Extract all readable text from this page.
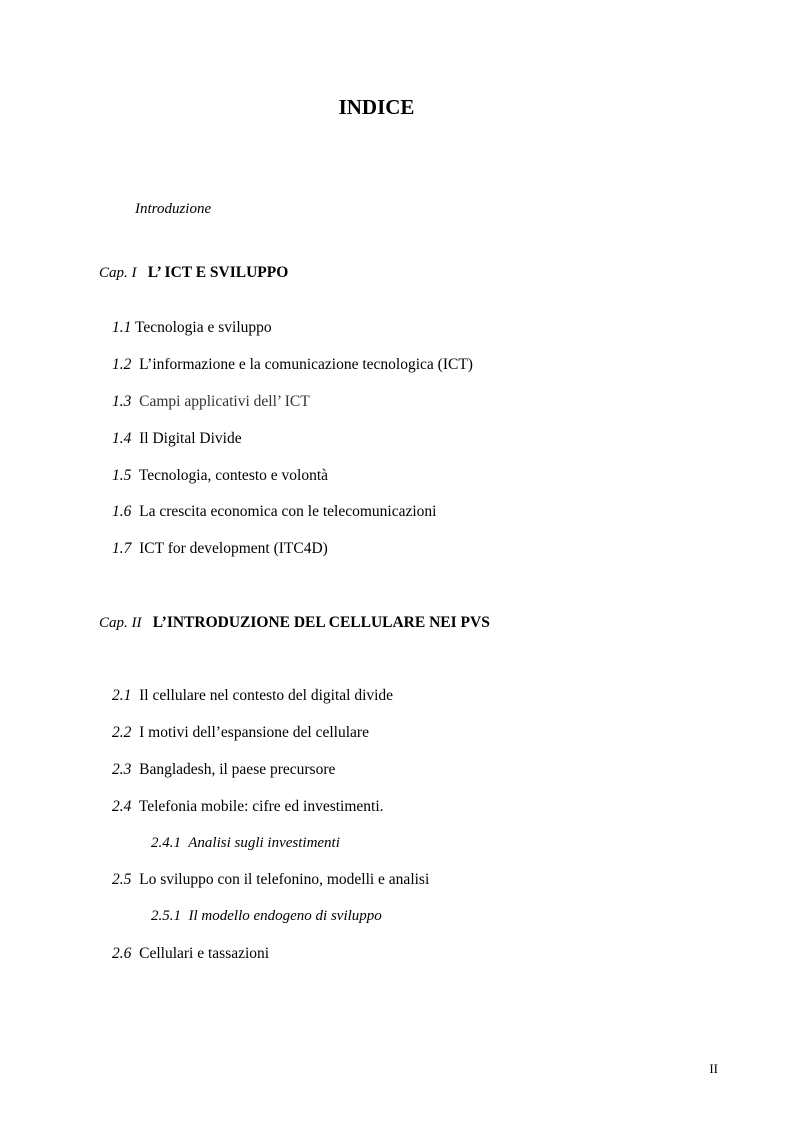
INDICE
Introduzione
Cap. I L’ ICT E SVILUPPO
1.1 Tecnologia e sviluppo
1.2 L’informazione e la comunicazione tecnologica (ICT)
1.3 Campi applicativi dell’ ICT
1.4 Il Digital Divide
1.5 Tecnologia, contesto e volontà
1.6 La crescita economica con le telecomunicazioni
1.7 ICT for development (ITC4D)
Cap. II L’INTRODUZIONE DEL CELLULARE NEI PVS
2.1 Il cellulare nel contesto del digital divide
2.2 I motivi dell’espansione del cellulare
2.3 Bangladesh, il paese precursore
2.4 Telefonia mobile: cifre ed investimenti.
2.4.1 Analisi sugli investimenti
2.5 Lo sviluppo con il telefonino, modelli e analisi
2.5.1 Il modello endogeno di sviluppo
2.6 Cellulari e tassazioni
II
